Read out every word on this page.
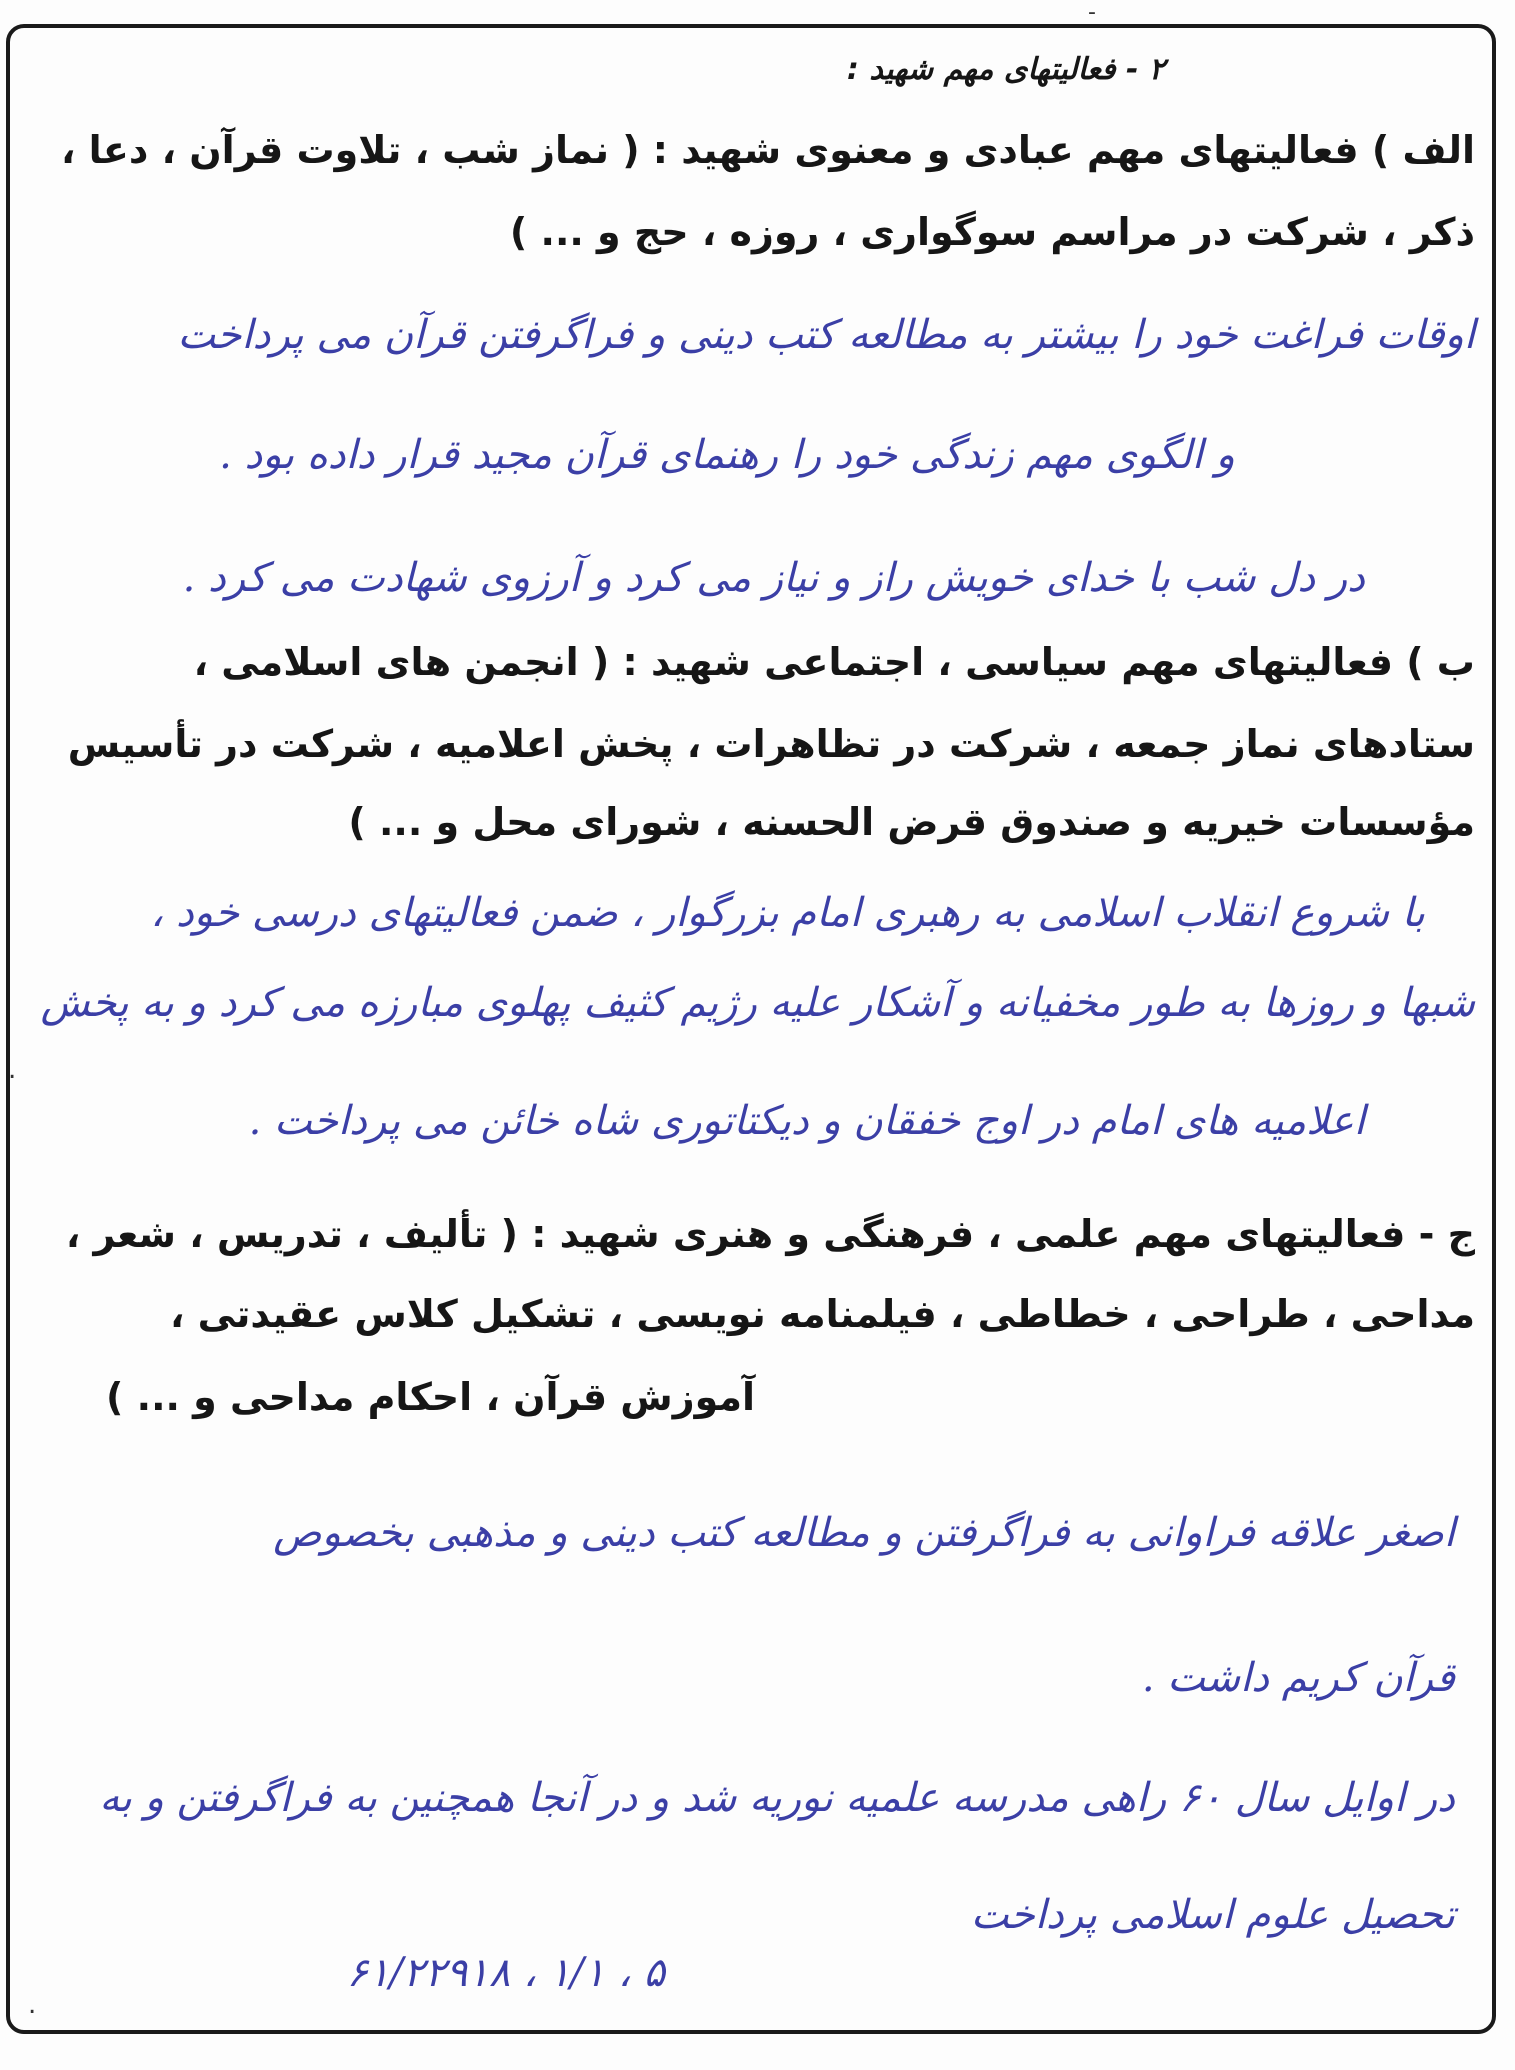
-
۲ - فعالیتهای مهم شهید :
الف ) فعالیتهای مهم عبادی و معنوی شهید : ( نماز شب ، تلاوت قرآن ، دعا ،
ذکر ، شرکت در مراسم سوگواری ، روزه ، حج و ... )
اوقات فراغت خود را بیشتر به مطالعه کتب دینی و فراگرفتن قرآن می پرداخت
و الگوی مهم زندگی خود را رهنمای قرآن مجید قرار داده بود .
در دل شب با خدای خویش راز و نیاز می کرد و آرزوی شهادت می کرد .
ب ) فعالیتهای مهم سیاسی ، اجتماعی شهید : ( انجمن های اسلامی ،
ستادهای نماز جمعه ، شرکت در تظاهرات ، پخش اعلامیه ، شرکت در تأسیس
مؤسسات خیریه و صندوق قرض الحسنه ، شورای محل و ... )
با شروع انقلاب اسلامی به رهبری امام بزرگوار ، ضمن فعالیتهای درسی خود ،
شبها و روزها به طور مخفیانه و آشکار علیه رژیم کثیف پهلوی مبارزه می کرد و به پخش
اعلامیه های امام در اوج خفقان و دیکتاتوری شاه خائن می پرداخت .
ج - فعالیتهای مهم علمی ، فرهنگی و هنری شهید : ( تألیف ، تدریس ، شعر ،
مداحی ، طراحی ، خطاطی ، فیلمنامه نویسی ، تشکیل کلاس عقیدتی ،
آموزش قرآن ، احکام مداحی و ... )
اصغر علاقه فراوانی به فراگرفتن و مطالعه کتب دینی و مذهبی بخصوص
قرآن کریم داشت .
در اوایل سال ۶۰ راهی مدرسه علمیه نوریه شد و در آنجا همچنین به فراگرفتن و به
تحصیل علوم اسلامی پرداخت
۶۱/۲۲۹۱۸ ، ۱/۱ ، ۵
.
.
